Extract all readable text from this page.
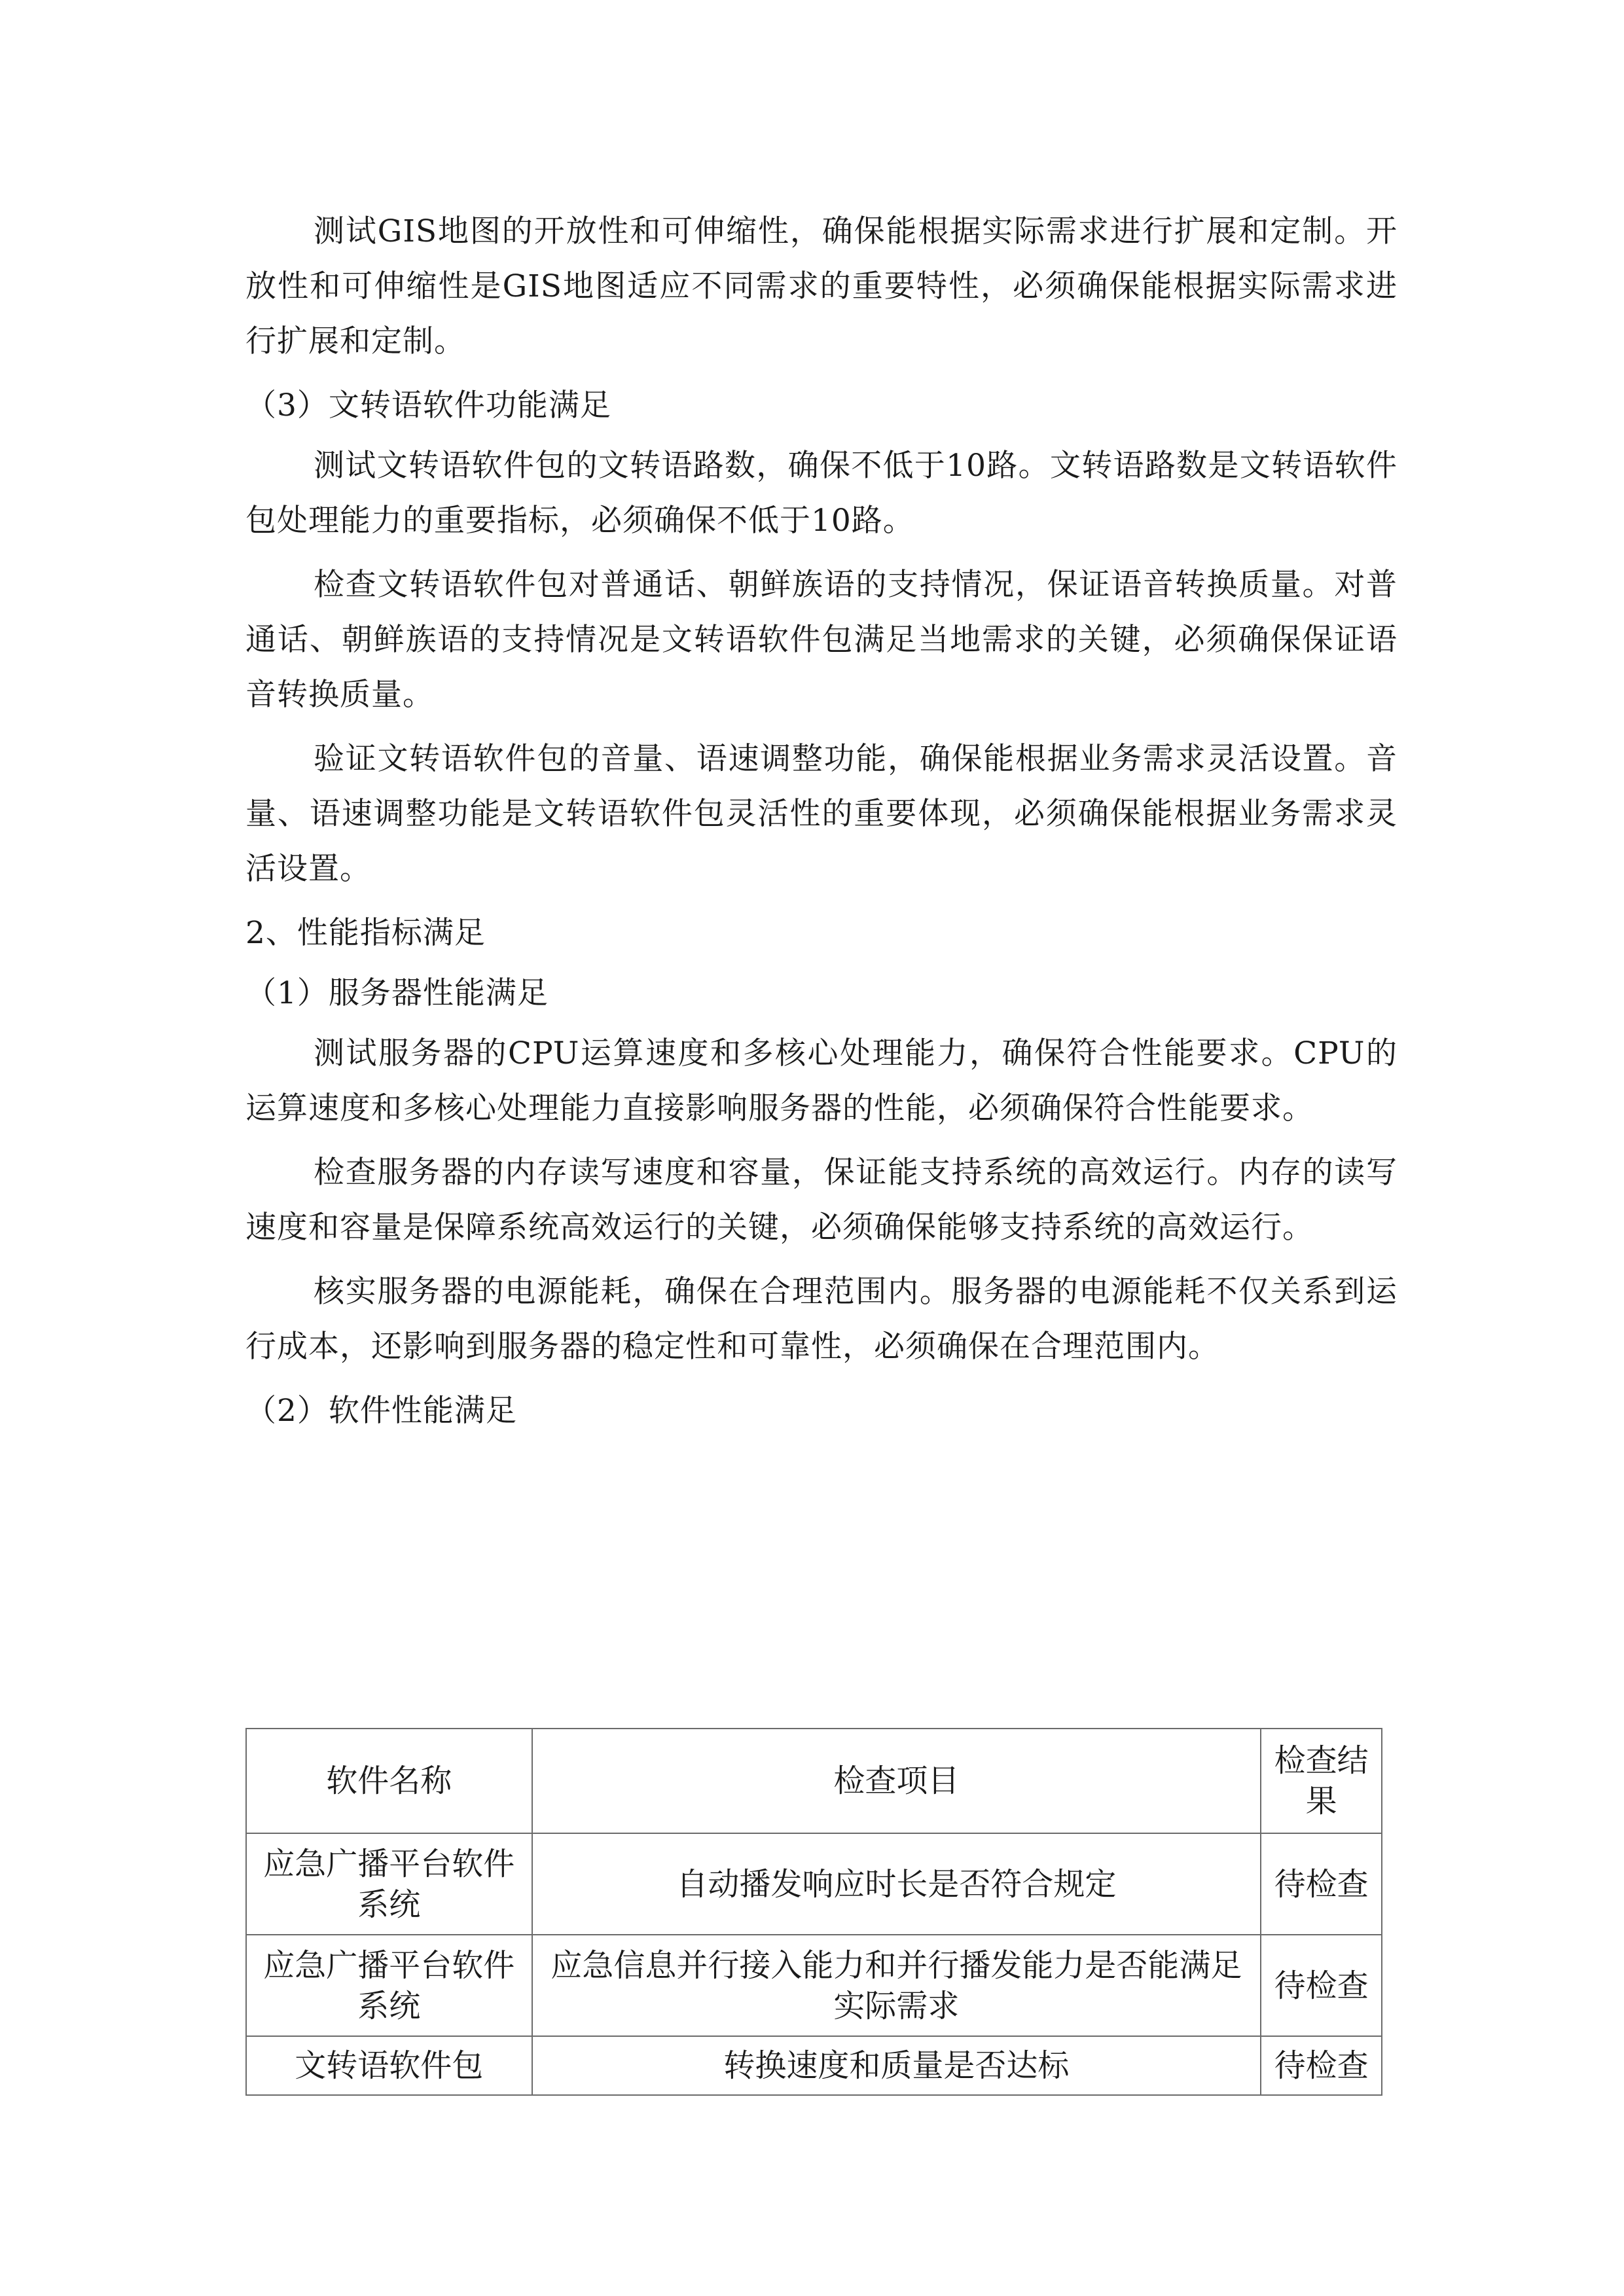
测试GIS地图的开放性和可伸缩性，确保能根据实际需求进行扩展和定制。开放性和可伸缩性是GIS地图适应不同需求的重要特性，必须确保能根据实际需求进行扩展和定制。

（3）文转语软件功能满足

测试文转语软件包的文转语路数，确保不低于10路。文转语路数是文转语软件包处理能力的重要指标，必须确保不低于10路。

检查文转语软件包对普通话、朝鲜族语的支持情况，保证语音转换质量。对普通话、朝鲜族语的支持情况是文转语软件包满足当地需求的关键，必须确保保证语音转换质量。

验证文转语软件包的音量、语速调整功能，确保能根据业务需求灵活设置。音量、语速调整功能是文转语软件包灵活性的重要体现，必须确保能根据业务需求灵活设置。

2、性能指标满足

（1）服务器性能满足

测试服务器的CPU运算速度和多核心处理能力，确保符合性能要求。CPU的运算速度和多核心处理能力直接影响服务器的性能，必须确保符合性能要求。

检查服务器的内存读写速度和容量，保证能支持系统的高效运行。内存的读写速度和容量是保障系统高效运行的关键，必须确保能够支持系统的高效运行。

核实服务器的电源能耗，确保在合理范围内。服务器的电源能耗不仅关系到运行成本，还影响到服务器的稳定性和可靠性，必须确保在合理范围内。

（2）软件性能满足

软件名称	检查项目	检查结果
应急广播平台软件系统	自动播发响应时长是否符合规定	待检查
应急广播平台软件系统	应急信息并行接入能力和并行播发能力是否能满足实际需求	待检查
文转语软件包	转换速度和质量是否达标	待检查
